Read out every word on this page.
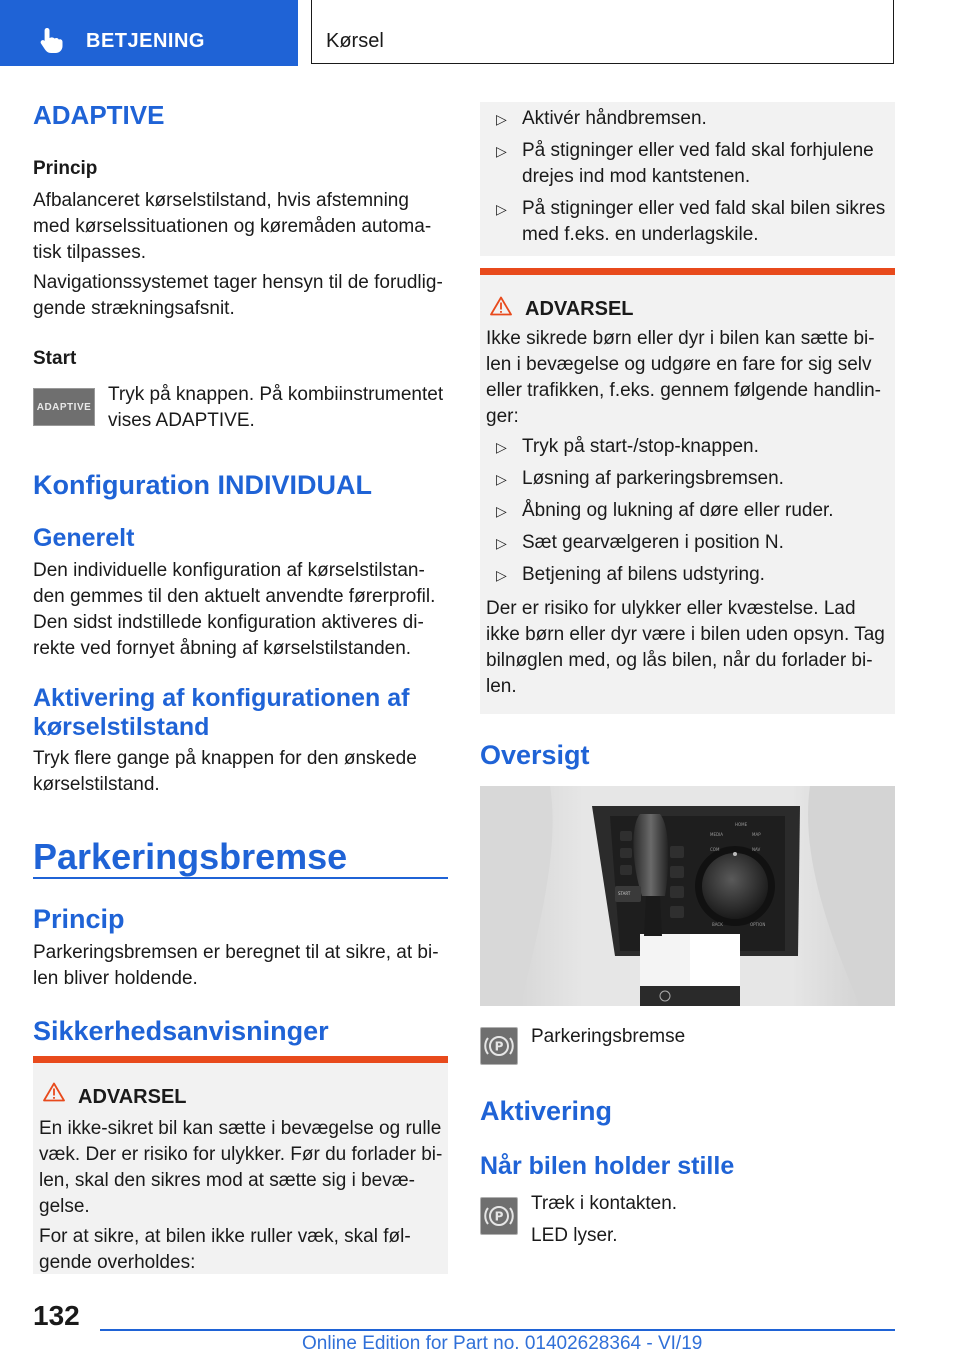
BETJENING	Kørsel
ADAPTIVE
Princip

Afbalanceret kørselstilstand, hvis afstemning med kørselssituationen og køremåden automatisk tilpasses.

Navigationssystemet tager hensyn til de forudliggende strækningsafsnit.

Start
ADAPTIVE

Tryk på knappen. På kombiinstrumentet vises ADAPTIVE.

Konfiguration INDIVIDUAL
Generelt

Den individuelle konfiguration af kørselstilstanden gemmes til den aktuelt anvendte førerprofil. Den sidst indstillede konfiguration aktiveres direkte ved fornyet åbning af kørselstilstanden.

Aktivering af konfigurationen af kørselstilstand

Tryk flere gange på knappen for den ønskede kørselstilstand.

Parkeringsbremse
Princip

Parkeringsbremsen er beregnet til at sikre, at bilen bliver holdende.

Sikkerhedsanvisninger
ADVARSEL

En ikke-sikret bil kan sætte i bevægelse og rulle væk. Der er risiko for ulykker. Før du forlader bilen, skal den sikres mod at sætte sig i bevægelse.

For at sikre, at bilen ikke ruller væk, skal følgende overholdes:

▷ Aktivér håndbremsen.
▷ På stigninger eller ved fald skal forhjulene drejes ind mod kantstenen.
▷ På stigninger eller ved fald skal bilen sikres med f.eks. en underlagskile.
ADVARSEL

Ikke sikrede børn eller dyr i bilen kan sætte bilen i bevægelse og udgøre en fare for sig selv eller trafikken, f.eks. gennem følgende handlinger:

▷ Tryk på start-/stop-knappen.
▷ Løsning af parkeringsbremsen.
▷ Åbning og lukning af døre eller ruder.
▷ Sæt gearvælgeren i position N.
▷ Betjening af bilens udstyring.

Der er risiko for ulykker eller kvæstelse. Lad ikke børn eller dyr være i bilen uden opsyn. Tag bilnøglen med, og lås bilen, når du forlader bilen.

Oversigt
MEDIA
HOME
MAP
COM	NAV
BACK	OPTION
START
P Parkeringsbremse

Aktivering
Når bilen holder stille
P

Træk i kontakten.

LED lyser.

132
Online Edition for Part no. 01402628364 - VI/19
